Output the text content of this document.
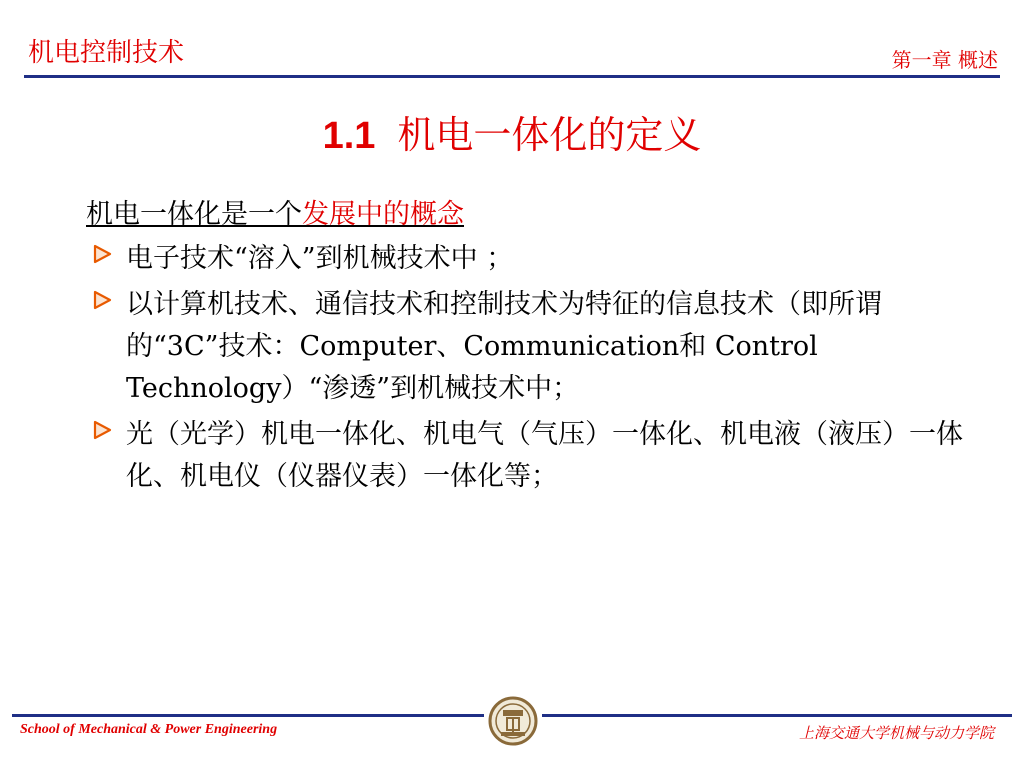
机电控制技术	第一章 概述
1.1 机电一体化的定义
机电一体化是一个发展中的概念
电子技术“溶入”到机械技术中 ；
以计算机技术、通信技术和控制技术为特征的信息技术（即所谓的“3C”技术：Computer、Communication和 Control Technology）“渗透”到机械技术中；
光（光学）机电一体化、机电气（气压）一体化、机电液（液压）一体化、机电仪（仪器仪表）一体化等；
School of Mechanical & Power Engineering	上海交通大学机械与动力学院
